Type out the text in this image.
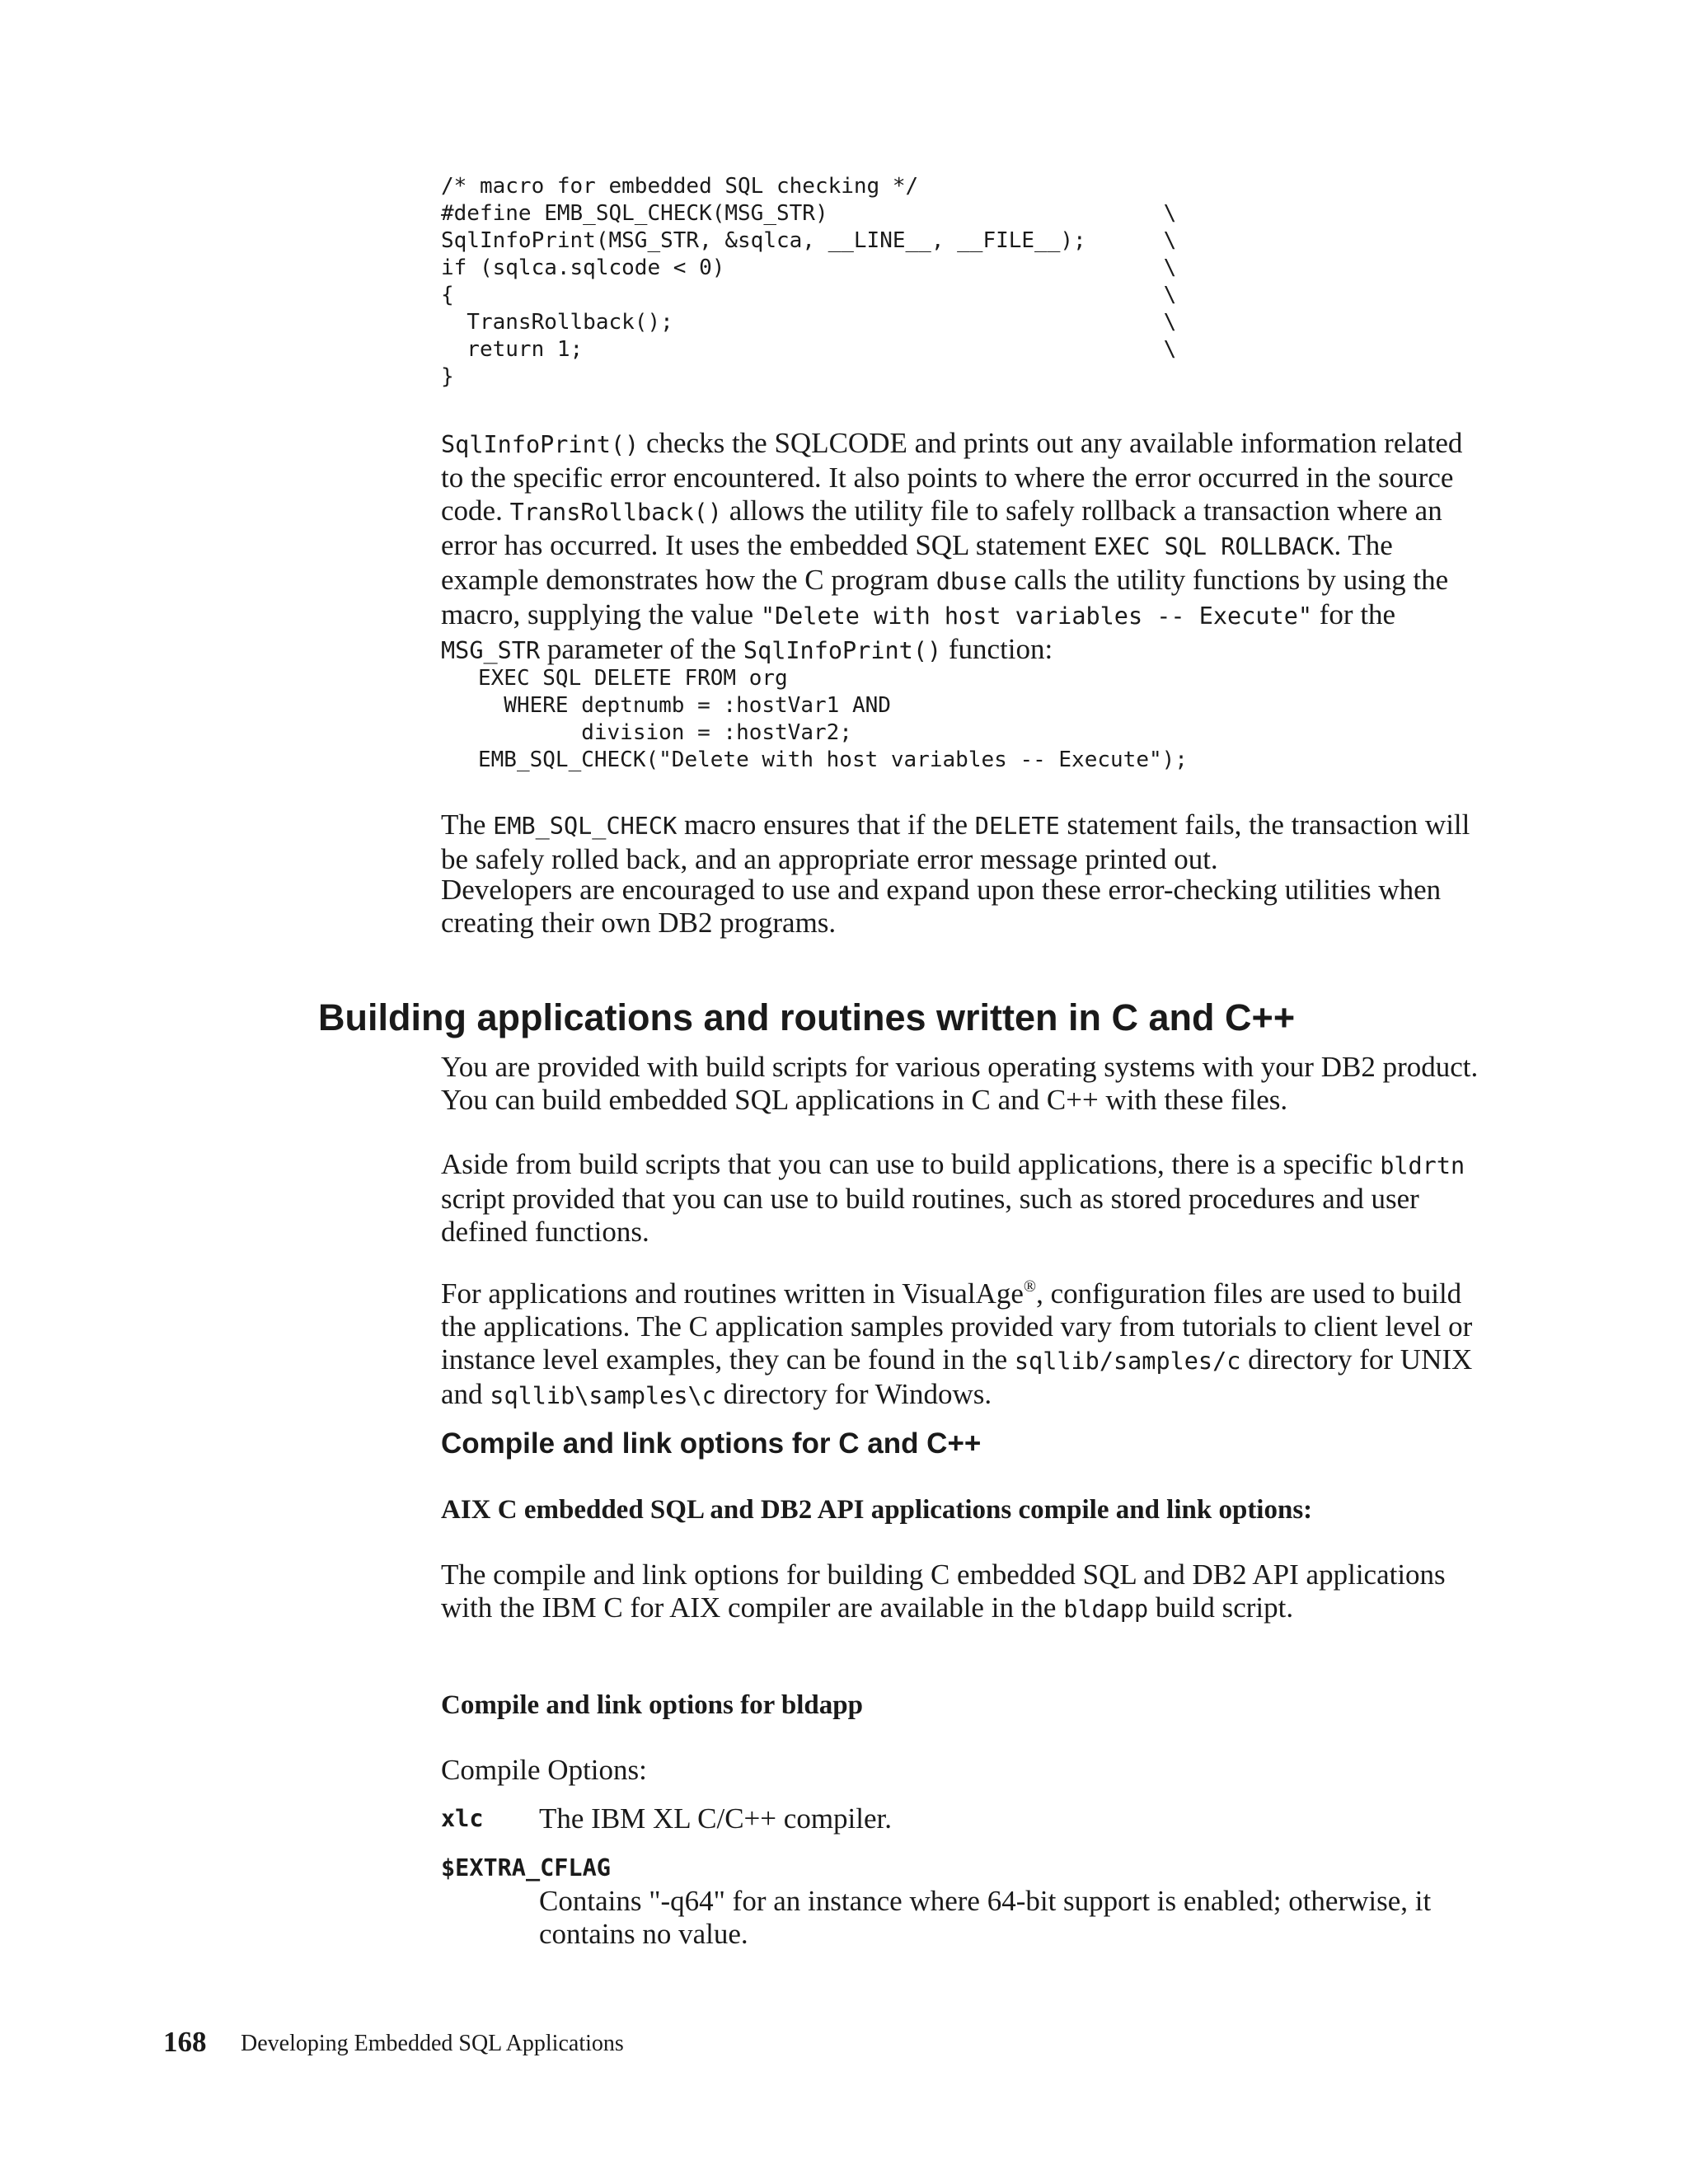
/* macro for embedded SQL checking */
#define EMB_SQL_CHECK(MSG_STR)                          \
SqlInfoPrint(MSG_STR, &sqlca, __LINE__, __FILE__);      \
if (sqlca.sqlcode < 0)                                  \
{                                                       \
TransRollback();                                      \
return 1;                                             \
}

SqlInfoPrint() checks the SQLCODE and prints out any available information related to the specific error encountered. It also points to where the error occurred in the source code. TransRollback() allows the utility file to safely rollback a transaction where an error has occurred. It uses the embedded SQL statement EXEC SQL ROLLBACK. The example demonstrates how the C program dbuse calls the utility functions by using the macro, supplying the value "Delete with host variables -- Execute" for the MSG_STR parameter of the SqlInfoPrint() function:

EXEC SQL DELETE FROM org
WHERE deptnumb = :hostVar1 AND
division = :hostVar2;
EMB_SQL_CHECK("Delete with host variables -- Execute");

The EMB_SQL_CHECK macro ensures that if the DELETE statement fails, the transaction will be safely rolled back, and an appropriate error message printed out.

Developers are encouraged to use and expand upon these error-checking utilities when creating their own DB2 programs.

Building applications and routines written in C and C++

You are provided with build scripts for various operating systems with your DB2 product. You can build embedded SQL applications in C and C++ with these files.

Aside from build scripts that you can use to build applications, there is a specific bldrtn script provided that you can use to build routines, such as stored procedures and user defined functions.

For applications and routines written in VisualAge®, configuration files are used to build the applications. The C application samples provided vary from tutorials to client level or instance level examples, they can be found in the sqllib/samples/c directory for UNIX and sqllib\samples\c directory for Windows.

Compile and link options for C and C++
AIX C embedded SQL and DB2 API applications compile and link options:

The compile and link options for building C embedded SQL and DB2 API applications with the IBM C for AIX compiler are available in the bldapp build script.

Compile and link options for bldapp

Compile Options:

xlc The IBM XL C/C++ compiler.

$EXTRA_CFLAG

Contains "-q64" for an instance where 64-bit support is enabled; otherwise, it contains no value.

168 Developing Embedded SQL Applications
